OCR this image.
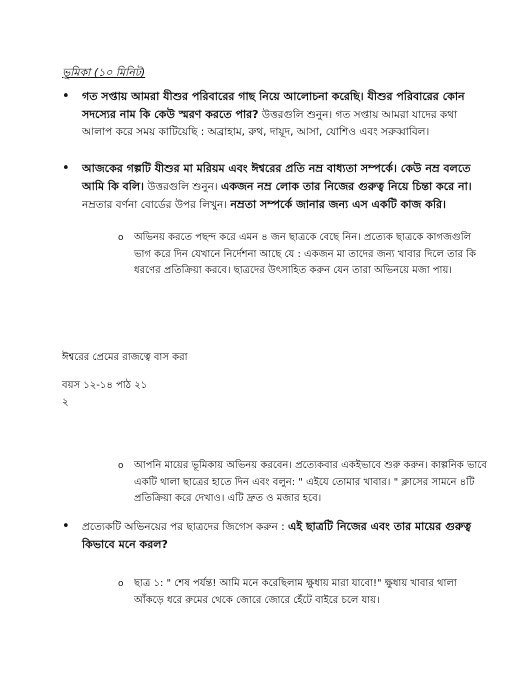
ভূমিকা (১০ মিনিট)
•	গত সপ্তায় আমরা যীশুর পরিবারের গাছ নিয়ে আলোচনা করেছি। যীশুর পরিবারের কোন সদস্যের নাম কি কেউ স্মরণ করতে পার? উত্তরগুলি শুনুন। গত সপ্তায় আমরা যাদের কথা আলাপ করে সময় কাটিয়েছি : অব্রাহাম, রুথ, দায়ূদ, আসা, যোশিও এবং সরুব্বাবিল।
•	আজকের গল্পটি যীশুর মা মরিয়ম এবং ঈশ্বরের প্রতি নম্র বাধ্যতা সম্পর্কে। কেউ নম্র বলতে আমি কি বলি। উত্তরগুলি শুনুন। একজন নম্র লোক তার নিজের গুরুত্ব নিয়ে চিন্তা করে না। নম্রতার বর্ণনা বোর্ডের উপর লিখুন। নম্রতা সম্পর্কে জানার জন্য এস একটি কাজ করি।
o	অভিনয় করতে পছন্দ করে এমন ৪ জন ছাত্রকে বেছে নিন। প্রত্যেক ছাত্রকে কাগজগুলি ভাগ করে দিন যেখানে নির্দেশনা আছে যে : একজন মা তাদের জন্য খাবার দিলে তার কি ধরণের প্রতিক্রিয়া করবে। ছাত্রদের উৎসাহিত করুন যেন তারা অভিনয়ে মজা পায়।
ঈশ্বরের প্রেমের রাজত্বে বাস করা
বয়স ১২-১৪ পাঠ ২১
২
o	আপনি মায়ের ভূমিকায় অভিনয় করবেন। প্রত্যেকবার একইভাবে শুরু করুন। কাল্পনিক ভাবে একটি থালা ছাত্রের হাতে দিন এবং বলুন: " এইযে তোমার খাবার। " ক্লাসের সামনে ৪টি প্রতিক্রিয়া করে দেখাও। এটি দ্রুত ও মজার হবে।
•	প্রত্যেকটি অভিনয়ের পর ছাত্রদের জিগেস করুন : এই ছাত্রটি নিজের এবং তার মায়ের গুরুত্ব কিভাবে মনে করল?
o	ছাত্র ১: " শেষ পর্যন্ত! আমি মনে করেছিলাম ক্ষুধায় মারা যাবো!" ক্ষুধায় খাবার থালা আঁকড়ে ধরে রুমের থেকে জোরে জোরে হেঁটে বাইরে চলে যায়।
